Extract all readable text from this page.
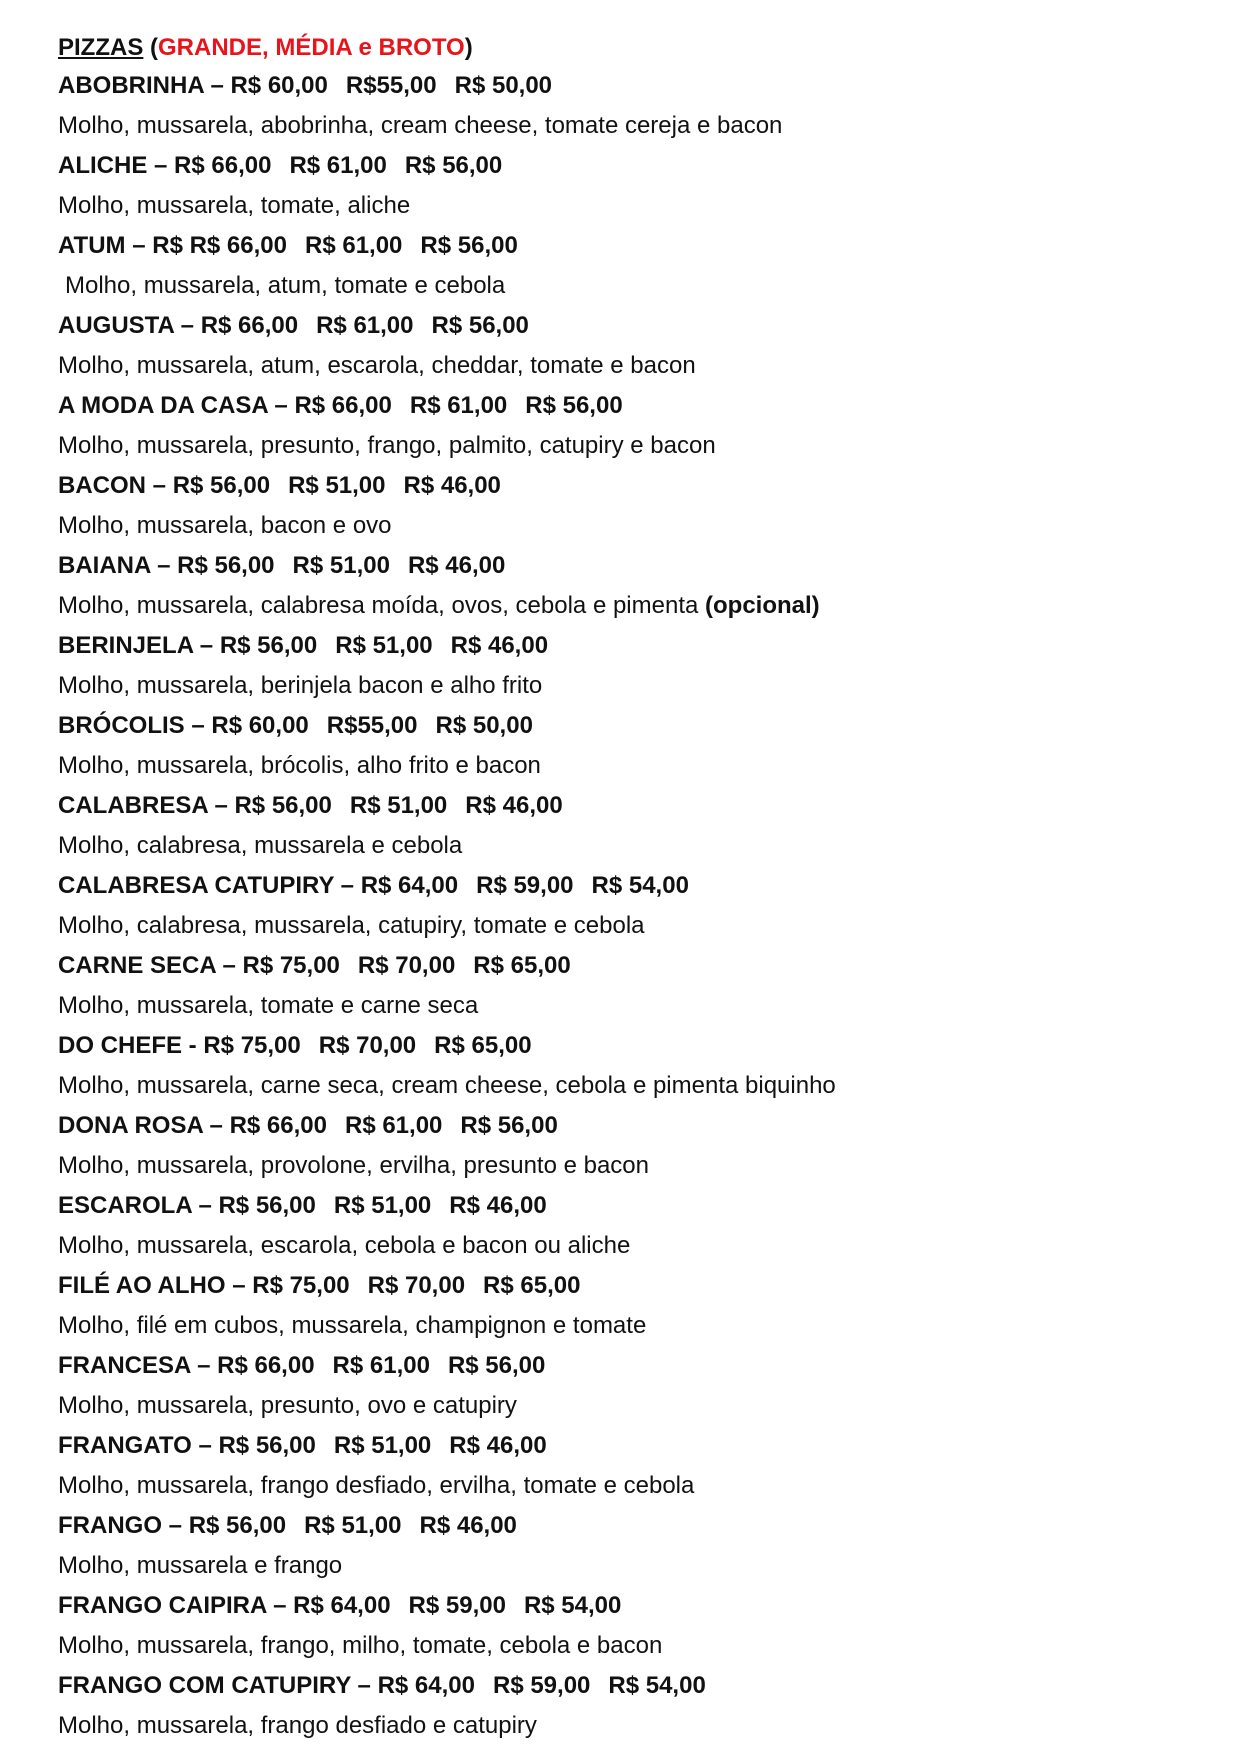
PIZZAS (GRANDE, MÉDIA e BROTO)
ABOBRINHA – R$ 60,00 R$55,00 R$ 50,00
Molho, mussarela, abobrinha, cream cheese, tomate cereja e bacon
ALICHE – R$ 66,00 R$ 61,00 R$ 56,00
Molho, mussarela, tomate, aliche
ATUM – R$ R$ 66,00 R$ 61,00 R$ 56,00
Molho, mussarela, atum, tomate e cebola
AUGUSTA – R$ 66,00 R$ 61,00 R$ 56,00
Molho, mussarela, atum, escarola, cheddar, tomate e bacon
A MODA DA CASA – R$ 66,00 R$ 61,00 R$ 56,00
Molho, mussarela, presunto, frango, palmito, catupiry e bacon
BACON – R$ 56,00 R$ 51,00 R$ 46,00
Molho, mussarela, bacon e ovo
BAIANA – R$ 56,00 R$ 51,00 R$ 46,00
Molho, mussarela, calabresa moída, ovos, cebola e pimenta (opcional)
BERINJELA – R$ 56,00 R$ 51,00 R$ 46,00
Molho, mussarela, berinjela bacon e alho frito
BRÓCOLIS – R$ 60,00 R$55,00 R$ 50,00
Molho, mussarela, brócolis, alho frito e bacon
CALABRESA – R$ 56,00 R$ 51,00 R$ 46,00
Molho, calabresa, mussarela e cebola
CALABRESA CATUPIRY – R$ 64,00 R$ 59,00 R$ 54,00
Molho, calabresa, mussarela, catupiry, tomate e cebola
CARNE SECA – R$ 75,00 R$ 70,00 R$ 65,00
Molho, mussarela, tomate e carne seca
DO CHEFE - R$ 75,00 R$ 70,00 R$ 65,00
Molho, mussarela, carne seca, cream cheese, cebola e pimenta biquinho
DONA ROSA – R$ 66,00 R$ 61,00 R$ 56,00
Molho, mussarela, provolone, ervilha, presunto e bacon
ESCAROLA – R$ 56,00 R$ 51,00 R$ 46,00
Molho, mussarela, escarola, cebola e bacon ou aliche
FILÉ AO ALHO – R$ 75,00 R$ 70,00 R$ 65,00
Molho, filé em cubos, mussarela, champignon e tomate
FRANCESA – R$ 66,00 R$ 61,00 R$ 56,00
Molho, mussarela, presunto, ovo e catupiry
FRANGATO – R$ 56,00 R$ 51,00 R$ 46,00
Molho, mussarela, frango desfiado, ervilha, tomate e cebola
FRANGO – R$ 56,00 R$ 51,00 R$ 46,00
Molho, mussarela e frango
FRANGO CAIPIRA – R$ 64,00 R$ 59,00 R$ 54,00
Molho, mussarela, frango, milho, tomate, cebola e bacon
FRANGO COM CATUPIRY – R$ 64,00 R$ 59,00 R$ 54,00
Molho, mussarela, frango desfiado e catupiry
